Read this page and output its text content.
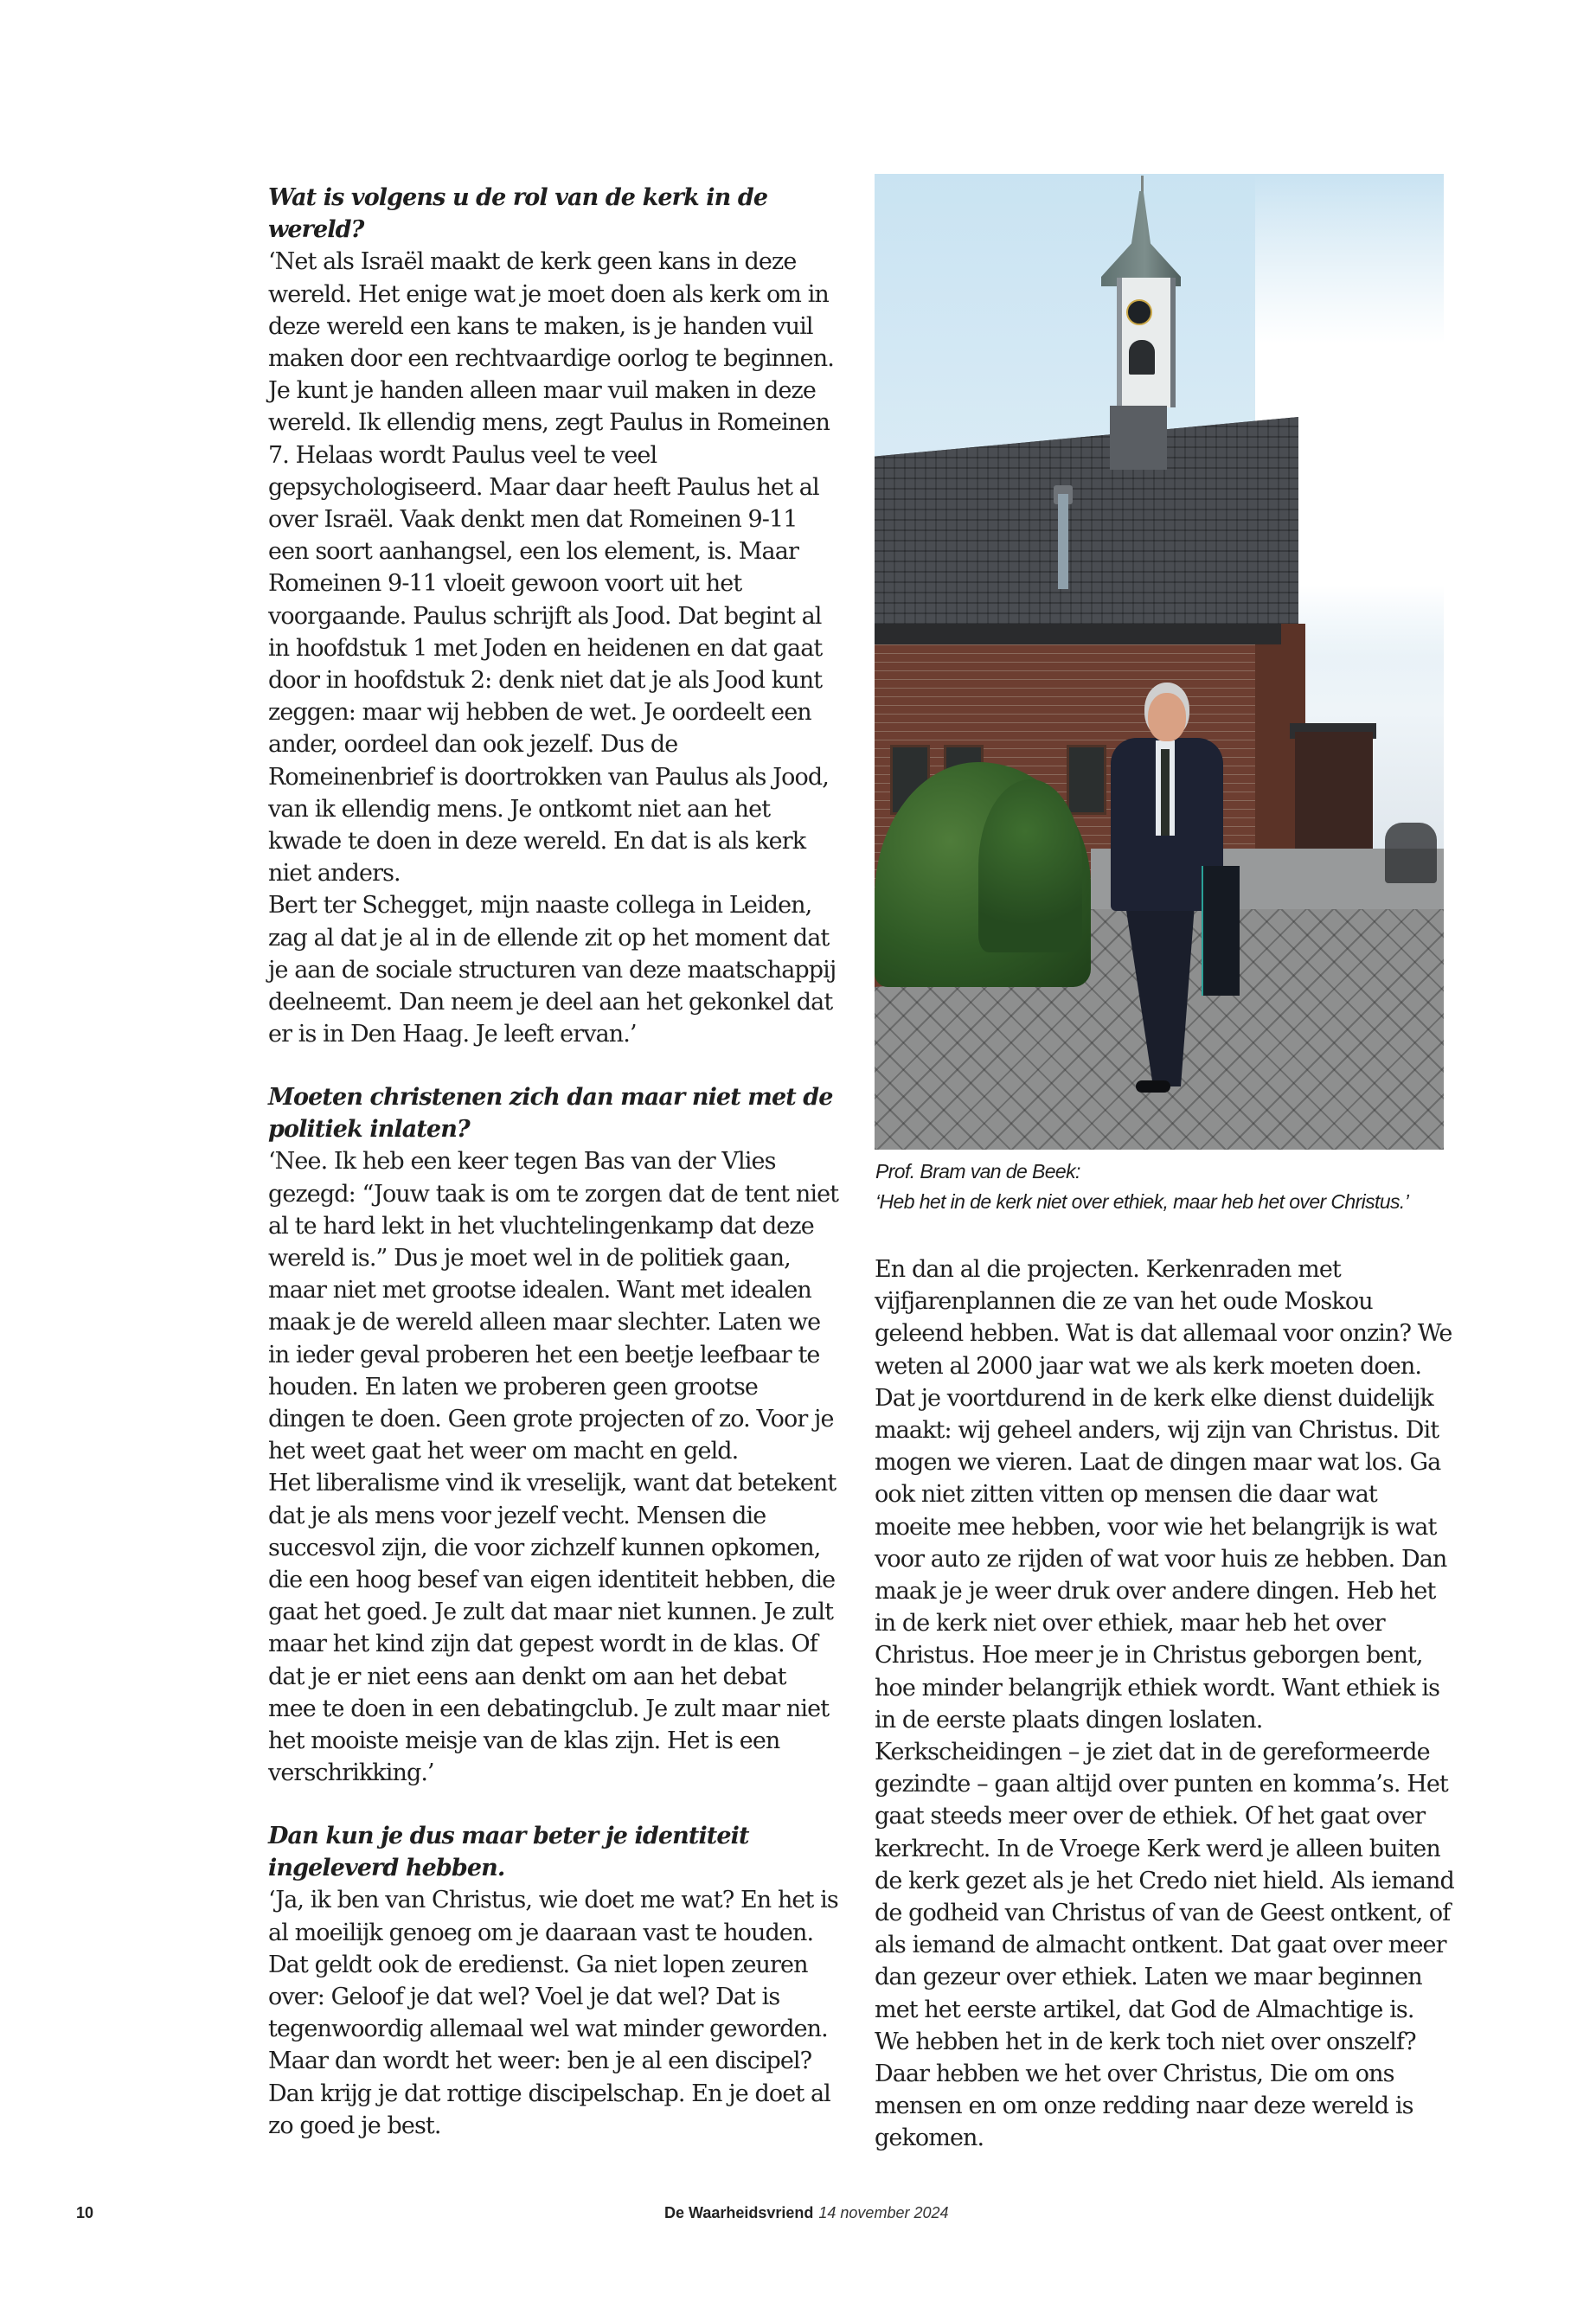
Wat is volgens u de rol van de kerk in de wereld?

‘Net als Israël maakt de kerk geen kans in deze wereld. Het enige wat je moet doen als kerk om in deze wereld een kans te maken, is je handen vuil maken door een rechtvaardige oorlog te beginnen. Je kunt je handen alleen maar vuil maken in deze wereld. Ik ellendig mens, zegt Paulus in Romeinen 7. Helaas wordt Paulus veel te veel gepsychologiseerd. Maar daar heeft Paulus het al over Israël. Vaak denkt men dat Romeinen 9-11 een soort aanhangsel, een los element, is. Maar Romeinen 9-11 vloeit gewoon voort uit het voorgaande. Paulus schrijft als Jood. Dat begint al in hoofdstuk 1 met Joden en heidenen en dat gaat door in hoofdstuk 2: denk niet dat je als Jood kunt zeggen: maar wij hebben de wet. Je oordeelt een ander, oordeel dan ook jezelf. Dus de Romeinenbrief is doortrokken van Paulus als Jood, van ik ellendig mens. Je ontkomt niet aan het kwade te doen in deze wereld. En dat is als kerk niet anders.

Bert ter Schegget, mijn naaste collega in Leiden, zag al dat je al in de ellende zit op het moment dat je aan de sociale structuren van deze maatschappij deelneemt. Dan neem je deel aan het gekonkel dat er is in Den Haag. Je leeft ervan.’

Moeten christenen zich dan maar niet met de politiek inlaten?

‘Nee. Ik heb een keer tegen Bas van der Vlies gezegd: “Jouw taak is om te zorgen dat de tent niet al te hard lekt in het vluchtelingenkamp dat deze wereld is.” Dus je moet wel in de politiek gaan, maar niet met grootse idealen. Want met idealen maak je de wereld alleen maar slechter. Laten we in ieder geval proberen het een beetje leefbaar te houden. En laten we proberen geen grootse dingen te doen. Geen grote projecten of zo. Voor je het weet gaat het weer om macht en geld.

Het liberalisme vind ik vreselijk, want dat betekent dat je als mens voor jezelf vecht. Mensen die succesvol zijn, die voor zichzelf kunnen opkomen, die een hoog besef van eigen identiteit hebben, die gaat het goed. Je zult dat maar niet kunnen. Je zult maar het kind zijn dat gepest wordt in de klas. Of dat je er niet eens aan denkt om aan het debat mee te doen in een debatingclub. Je zult maar niet het mooiste meisje van de klas zijn. Het is een verschrikking.’

Dan kun je dus maar beter je identiteit ingeleverd hebben.

‘Ja, ik ben van Christus, wie doet me wat? En het is al moeilijk genoeg om je daaraan vast te houden. Dat geldt ook de eredienst. Ga niet lopen zeuren over: Geloof je dat wel? Voel je dat wel? Dat is tegenwoordig allemaal wel wat minder geworden. Maar dan wordt het weer: ben je al een discipel? Dan krijg je dat rottige discipelschap. En je doet al zo goed je best.

Prof. Bram van de Beek:

‘Heb het in de kerk niet over ethiek, maar heb het over Christus.’

En dan al die projecten. Kerkenraden met vijfjarenplannen die ze van het oude Moskou geleend hebben. Wat is dat allemaal voor onzin? We weten al 2000 jaar wat we als kerk moeten doen. Dat je voortdurend in de kerk elke dienst duidelijk maakt: wij geheel anders, wij zijn van Christus. Dit mogen we vieren. Laat de dingen maar wat los. Ga ook niet zitten vitten op mensen die daar wat moeite mee hebben, voor wie het belangrijk is wat voor auto ze rijden of wat voor huis ze hebben. Dan maak je je weer druk over andere dingen. Heb het in de kerk niet over ethiek, maar heb het over Christus. Hoe meer je in Christus geborgen bent, hoe minder belangrijk ethiek wordt. Want ethiek is in de eerste plaats dingen loslaten.

Kerkscheidingen – je ziet dat in de gereformeerde gezindte – gaan altijd over punten en komma’s. Het gaat steeds meer over de ethiek. Of het gaat over kerkrecht. In de Vroege Kerk werd je alleen buiten de kerk gezet als je het Credo niet hield. Als iemand de godheid van Christus of van de Geest ontkent, of als iemand de almacht ontkent. Dat gaat over meer dan gezeur over ethiek. Laten we maar beginnen met het eerste artikel, dat God de Almachtige is. We hebben het in de kerk toch niet over onszelf? Daar hebben we het over Christus, Die om ons mensen en om onze redding naar deze wereld is gekomen.

10	De Waarheidsvriend 14 november 2024
